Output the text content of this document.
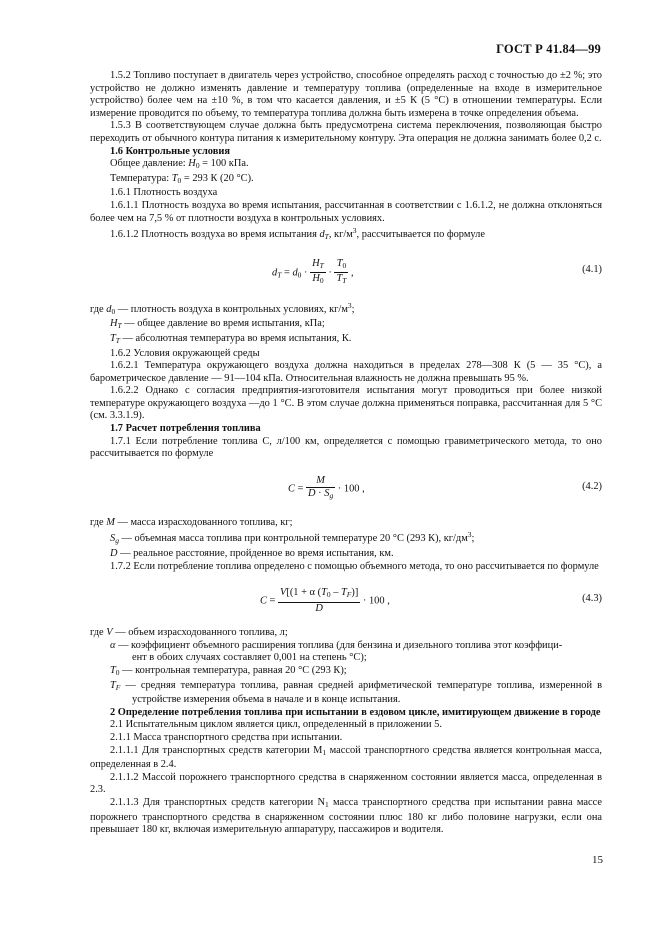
ГОСТ Р 41.84—99

1.5.2 Топливо поступает в двигатель через устройство, способное определять расход с точностью до ±2 %; это устройство не должно изменять давление и температуру топлива (определенные на входе в измерительное устройство) более чем на ±10 %, в том что касается давления, и ±5 К (5 °С) в отношении температуры. Если измерение проводится по объему, то температура топлива должна быть измерена в точке определения объема.

1.5.3 В соответствующем случае должна быть предусмотрена система переключения, позволяющая быстро переходить от обычного контура питания к измерительному контуру. Эта операция не должна занимать более 0,2 с.

1.6 Контрольные условия

Общее давление: $H_0 = 100$ кПа.

Температура: $T_0 = 293$ К (20 °С).

1.6.1 Плотность воздуха

1.6.1.1 Плотность воздуха во время испытания, рассчитанная в соответствии с 1.6.1.2, не должна отклоняться более чем на 7,5 % от плотности воздуха в контрольных условиях.

1.6.1.2 Плотность воздуха во время испытания $d_T$, $кг/м^3$, рассчитывается по формуле

$d_T = d_0 \cdot \frac{H_T}{H_0} \cdot \frac{T_0}{T_T}$ ,	(4.1)

где $d_0$ — плотность воздуха в контрольных условиях, $кг/м^3$;

$H_T$ — общее давление во время испытания, кПа;

$T_T$ — абсолютная температура во время испытания, К.

1.6.2 Условия окружающей среды

1.6.2.1 Температура окружающего воздуха должна находиться в пределах 278—308 К (5 — 35 °С), а барометрическое давление — 91—104 кПа. Относительная влажность не должна превышать 95 %.

1.6.2.2 Однако с согласия предприятия-изготовителя испытания могут проводиться при более низкой температуре окружающего воздуха —до 1 °С. В этом случае должна применяться поправка, рассчитанная для 5 °С (см. 3.3.1.9).

1.7 Расчет потребления топлива

1.7.1 Если потребление топлива C, л/100 км, определяется с помощью гравиметрического метода, то оно рассчитывается по формуле

$C = \frac{M}{D \cdot S_g} \cdot 100$ ,	(4.2)

где M — масса израсходованного топлива, кг;

$S_g$ — объемная масса топлива при контрольной температуре 20 °С (293 К), $кг/дм^3$;

D — реальное расстояние, пройденное во время испытания, км.

1.7.2 Если потребление топлива определено с помощью объемного метода, то оно рассчитывается по формуле

$C = \frac{V[(1 + \alpha (T_0 - T_F)]}{D} \cdot 100$ ,	(4.3)

где V — объем израсходованного топлива, л;

α — коэффициент объемного расширения топлива (для бензина и дизельного топлива этот коэффици-

ент в обоих случаях составляет 0,001 на степень °С);

$T_0$ — контрольная температура, равная 20 °С (293 К);

$T_F$ — средняя температура топлива, равная средней арифметической температуре топлива, измеренной в устройстве измерения объема в начале и в конце испытания.

2 Определение потребления топлива при испытании в ездовом цикле, имитирующем движение в городе

2.1 Испытательным циклом является цикл, определенный в приложении 5.

2.1.1 Масса транспортного средства при испытании.

2.1.1.1 Для транспортных средств категории $M_1$ массой транспортного средства является контрольная масса, определенная в 2.4.

2.1.1.2 Массой порожнего транспортного средства в снаряженном состоянии является масса, определенная в 2.3.

2.1.1.3 Для транспортных средств категории $N_1$ масса транспортного средства при испытании равна массе порожнего транспортного средства в снаряженном состоянии плюс 180 кг либо половине нагрузки, если она превышает 180 кг, включая измерительную аппаратуру, пассажиров и водителя.

15
